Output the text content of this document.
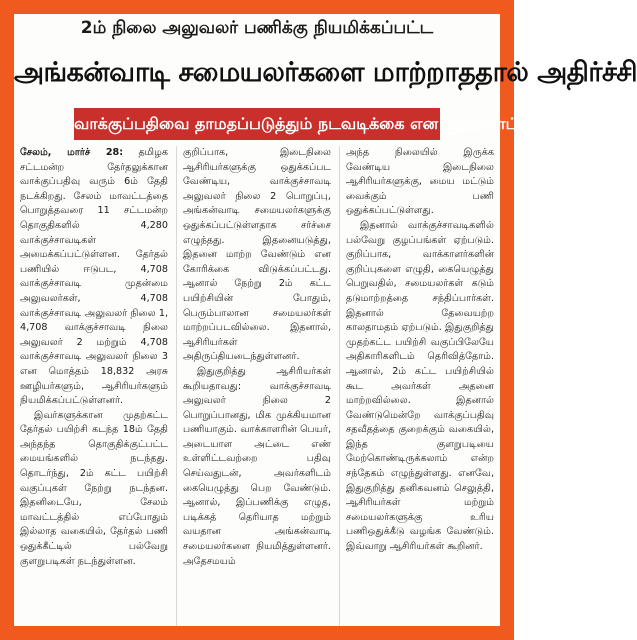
2ம் நிலை அலுவலர் பணிக்கு நியமிக்கப்பட்ட
அங்கன்வாடி சமையலர்களை மாற்றாததால் அதிர்ச்சி
வாக்குப்பதிவை தாமதப்படுத்தும் நடவடிக்கை என குற்றச்சாட்டு

சேலம், மார்ச் 28: தமிழக சட்டமன்ற தேர்தலுக்கான வாக்குப்பதிவு வரும் 6ம் தேதி நடக்கிறது. சேலம் மாவட்டத்தை பொறுத்தவரை 11 சட்டமன்ற தொகுதிகளில் 4,280 வாக்குச்சாவடிகள் அமைக்கப்பட்டுள்ளன. தேர்தல் பணியில் ஈடுபட, 4,708 வாக்குச்சாவடி முதன்மை அலுவலர்கள், 4,708 வாக்குச்சாவடி அலுவலர் நிலை 1, 4,708 வாக்குச்சாவடி நிலை அலுவலர் 2 மற்றும் 4,708 வாக்குச்சாவடி அலுவலர் நிலை 3 என மொத்தம் 18,832 அரசு ஊழியர்களும், ஆசிரியர்களும் நியமிக்கப்பட்டுள்ளனர்.

இவர்களுக்கான முதற்கட்ட தேர்தல் பயிற்சி கடந்த 18ம் தேதி அந்தந்த தொகுதிக்குட்பட்ட மையங்களில் நடந்தது. தொடர்ந்து, 2ம் கட்ட பயிற்சி வகுப்புகள் நேற்று நடந்தன. இதனிடையே, சேலம் மாவட்டத்தில் எப்போதும் இல்லாத வகையில், தேர்தல் பணி ஒதுக்கீட்டில் பல்வேறு குளறுபடிகள் நடந்துள்ளன.

குறிப்பாக, இடைநிலை ஆசிரியர்களுக்கு ஒதுக்கப்பட வேண்டிய, வாக்குச்சாவடி அலுவலர் நிலை 2 பொறுப்பு, அங்கன்வாடி சமையலர்களுக்கு ஒதுக்கப்பட்டுள்ளதாக சர்ச்சை எழுந்தது. இதனையடுத்து, இதனை மாற்ற வேண்டும் என கோரிக்கை விடுக்கப்பட்டது. ஆனால் நேற்று 2ம் கட்ட பயிற்சியின் போதும், பெரும்பாலான சமையலர்கள் மாற்றப்படவில்லை. இதனால், ஆசிரியர்கள் அதிருப்தியடைந்துள்ளனர்.

இதுகுறித்து ஆசிரியர்கள் கூறியதாவது: வாக்குச்சாவடி அலுவலர் நிலை 2 பொறுப்பானது, மிக முக்கியமான பணியாகும். வாக்காளரின் பெயர், அடையாள அட்டை எண் உள்ளிட்டவற்றை பதிவு செய்வதுடன், அவர்களிடம் கையெழுத்து பெற வேண்டும். ஆனால், இப்பணிக்கு எழுத, படிக்கத் தெரியாத மற்றும் வயதான அங்கன்வாடி சமையலர்களை நியமித்துள்ளனர். அதேசமயம்

அந்த நிலையில் இருக்க வேண்டிய இடைநிலை ஆசிரியர்களுக்கு, மைய மட்டும் வைக்கும் பணி ஒதுக்கப்பட்டுள்ளது.

இதனால் வாக்குச்சாவடிகளில் பல்வேறு குழப்பங்கள் ஏற்படும். குறிப்பாக, வாக்காளர்களின் குறிப்புகளை எழுதி, கையெழுத்து பெறுவதில், சமையலர்கள் கடும் தடுமாற்றத்தை சந்திப்பார்கள். இதனால் தேவையற்ற காலதாமதம் ஏற்படும். இதுகுறித்து முதற்கட்ட பயிற்சி வகுப்பிலேயே அதிகாரிகளிடம் தெரிவித்தோம். ஆனால், 2ம் கட்ட பயிற்சியில் கூட அவர்கள் அதனை மாற்றவில்லை. இதனால் வேண்டுமென்றே வாக்குப்பதிவு சதவீதத்தை குறைக்கும் வகையில், இந்த குளறுபடியை மேற்கொண்டிருக்கலாம் என்ற சந்தேகம் எழுந்துள்ளது. எனவே, இதுகுறித்து தனிகவனம் செலுத்தி, ஆசிரியர்கள் மற்றும் சமையலர்களுக்கு உரிய பணிஒதுக்கீடு வழங்க வேண்டும். இவ்வாறு ஆசிரியர்கள் கூறினர்.
